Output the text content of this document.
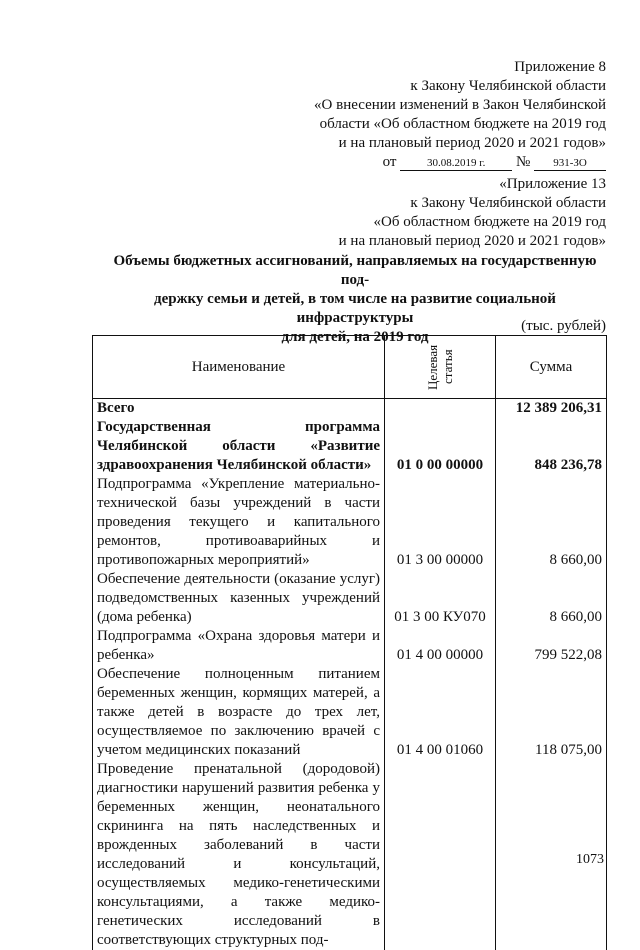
Приложение 8
к Закону Челябинской области
«О внесении изменений в Закон Челябинской
области «Об областном бюджете на 2019 год
и на плановый период 2020 и 2021 годов»
от	30.08.2019 г. № 931-ЗО
«Приложение 13
к Закону Челябинской области
«Об областном бюджете на 2019 год
и на плановый период 2020 и 2021 годов»
Объемы бюджетных ассигнований, направляемых на государственную под-
держку семьи и детей, в том числе на развитие социальной инфраструктуры
для детей, на 2019 год
(тыс. рублей)
Наименование	Целевая статья	Сумма
Всего		12 389 206,31
Государственная программа Челябинской области «Развитие здравоохранения Челябинской области»	01 0 00 00000	848 236,78
Подпрограмма «Укрепление материально-технической базы учреждений в части проведения текущего и капитального ремонтов, противоаварийных и противопожарных мероприятий»	01 3 00 00000	8 660,00
Обеспечение деятельности (оказание услуг) подведомственных казенных учреждений (дома ребенка)	01 3 00 КУ070	8 660,00
Подпрограмма «Охрана здоровья матери и ребенка»	01 4 00 00000	799 522,08
Обеспечение полноценным питанием беременных женщин, кормящих матерей, а также детей в возрасте до трех лет, осуществляемое по заключению врачей с учетом медицинских показаний	01 4 00 01060	118 075,00
Проведение пренатальной (дородовой) диагностики нарушений развития ребенка у беременных женщин, неонатального скрининга на пять наследственных и врожденных заболеваний в части исследований и консультаций, осуществляемых медико-генетическими консультациями, а также медико-генетических исследований в соответствующих структурных под-		
1073
